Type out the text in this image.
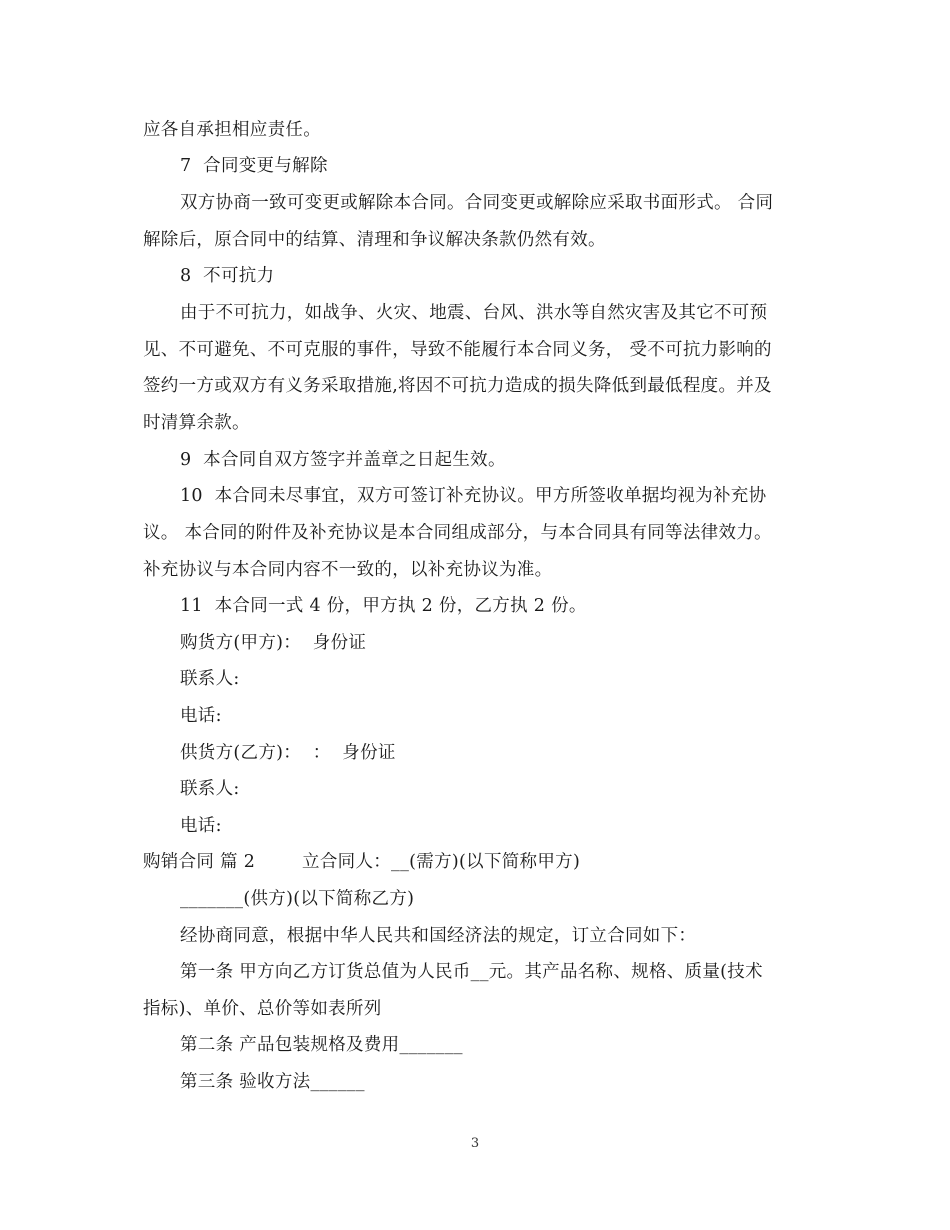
应各自承担相应责任。
7  合同变更与解除
双方协商一致可变更或解除本合同。合同变更或解除应采取书面形式。 合同
解除后，原合同中的结算、清理和争议解决条款仍然有效。
8  不可抗力
由于不可抗力，如战争、火灾、地震、台风、洪水等自然灾害及其它不可预
见、不可避免、不可克服的事件，导致不能履行本合同义务， 受不可抗力影响的
签约一方或双方有义务采取措施,将因不可抗力造成的损失降低到最低程度。并及
时清算余款。
9  本合同自双方签字并盖章之日起生效。
10  本合同未尽事宜，双方可签订补充协议。甲方所签收单据均视为补充协
议。 本合同的附件及补充协议是本合同组成部分，与本合同具有同等法律效力。
补充协议与本合同内容不一致的，以补充协议为准。
11  本合同一式 4 份，甲方执 2 份，乙方执 2 份。
购货方(甲方)：  身份证
联系人:
电话:
供货方(乙方)：  ：  身份证
联系人:
电话:
购销合同 篇 2        立合同人：__(需方)(以下简称甲方)
_______(供方)(以下简称乙方)
经协商同意，根据中华人民共和国经济法的规定，订立合同如下：
第一条 甲方向乙方订货总值为人民币__元。其产品名称、规格、质量(技术
指标)、单价、总价等如表所列
第二条 产品包装规格及费用_______
第三条 验收方法______
3
